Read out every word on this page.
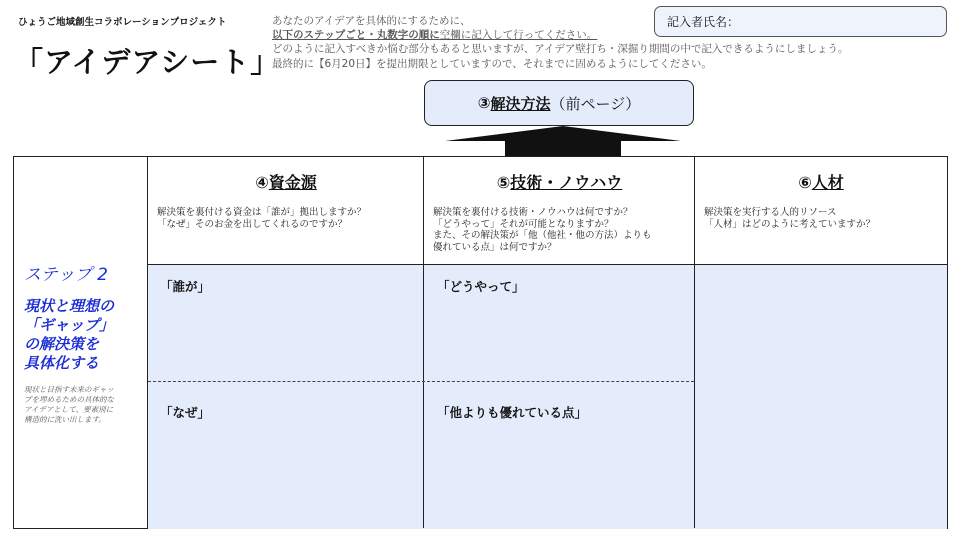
ひょうご地域創生コラボレーションプロジェクト
「アイデアシート」
あなたのアイデアを具体的にするために、
以下のステップごと・丸数字の順に空欄に記入して行ってください。
どのように記入すべきか悩む部分もあると思いますが、アイデア壁打ち・深掘り期間の中で記入できるようにしましょう。
最終的に【6月20日】を提出期限としていますので、それまでに固めるようにしてください。
記入者氏名：
③ 解決方法 （前ページ）
ステップ 2
現状と理想の
「ギャップ」
の解決策を
具体化する
現状と目指す未来のギャッ
プを埋めるための具体的な
アイデアとして、要素別に
構造的に洗い出します。
④資金源
解決策を裏付ける資金は「誰が」拠出しますか？
「なぜ」そのお金を出してくれるのですか？
「誰が」
「なぜ」
⑤技術・ノウハウ
解決策を裏付ける技術・ノウハウは何ですか？
「どうやって」それが可能となりますか？
また、その解決策が「他（他社・他の方法）よりも
優れている点」は何ですか？
「どうやって」
「他よりも優れている点」
⑥人材
解決策を実行する人的リソース
「人材」はどのように考えていますか？
